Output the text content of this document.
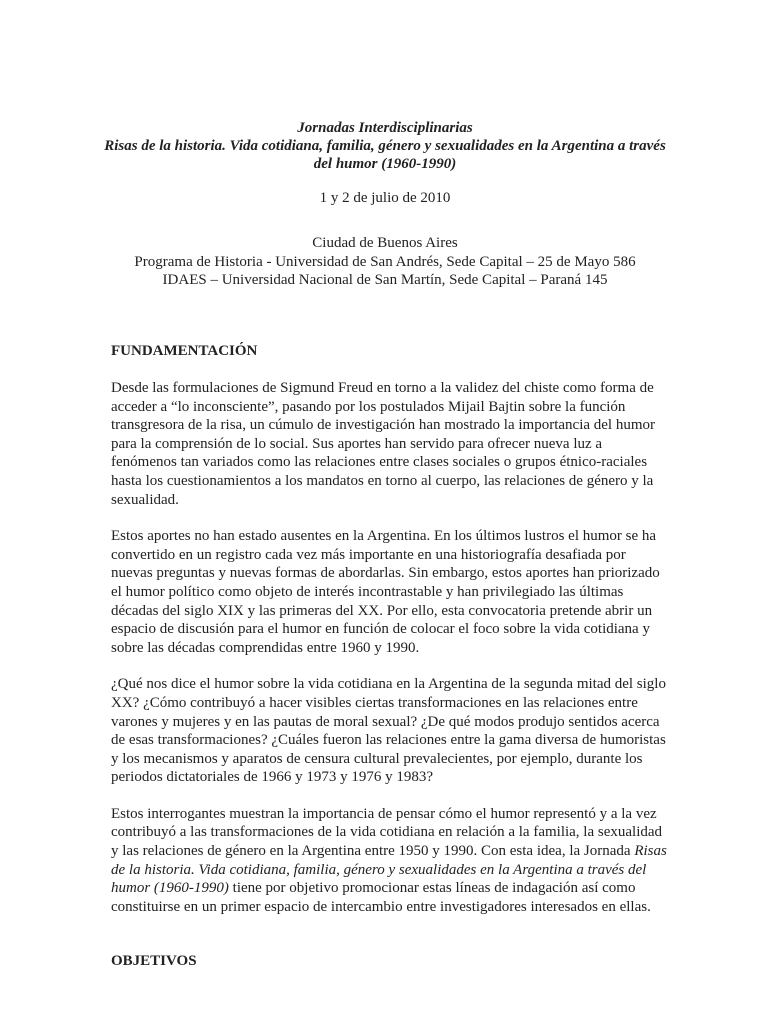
Jornadas Interdisciplinarias

Risas de la historia. Vida cotidiana, familia, género y sexualidades en la Argentina a través del humor (1960-1990)

1 y 2 de julio de 2010

Ciudad de Buenos Aires

Programa de Historia - Universidad de San Andrés, Sede Capital – 25 de Mayo 586

IDAES – Universidad Nacional de San Martín, Sede Capital – Paraná 145

FUNDAMENTACIÓN

Desde las formulaciones de Sigmund Freud en torno a la validez del chiste como forma de acceder a “lo inconsciente”, pasando por los postulados Mijail Bajtin sobre la función transgresora de la risa, un cúmulo de investigación han mostrado la importancia del humor para la comprensión de lo social. Sus aportes han servido para ofrecer nueva luz a fenómenos tan variados como las relaciones entre clases sociales o grupos étnico-raciales hasta los cuestionamientos a los mandatos en torno al cuerpo, las relaciones de género y la sexualidad.

Estos aportes no han estado ausentes en la Argentina. En los últimos lustros el humor se ha convertido en un registro cada vez más importante en una historiografía desafiada por nuevas preguntas y nuevas formas de abordarlas. Sin embargo, estos aportes han priorizado el humor político como objeto de interés incontrastable y han privilegiado las últimas décadas del siglo XIX y las primeras del XX. Por ello, esta convocatoria pretende abrir un espacio de discusión para el humor en función de colocar el foco sobre la vida cotidiana y sobre las décadas comprendidas entre 1960 y 1990.

¿Qué nos dice el humor sobre la vida cotidiana en la Argentina de la segunda mitad del siglo XX? ¿Cómo contribuyó a hacer visibles ciertas transformaciones en las relaciones entre varones y mujeres y en las pautas de moral sexual? ¿De qué modos produjo sentidos acerca de esas transformaciones? ¿Cuáles fueron las relaciones entre la gama diversa de humoristas y los mecanismos y aparatos de censura cultural prevalecientes, por ejemplo, durante los periodos dictatoriales de 1966 y 1973 y 1976 y 1983?

Estos interrogantes muestran la importancia de pensar cómo el humor representó y a la vez contribuyó a las transformaciones de la vida cotidiana en relación a la familia, la sexualidad y las relaciones de género en la Argentina entre 1950 y 1990. Con esta idea, la Jornada Risas de la historia. Vida cotidiana, familia, género y sexualidades en la Argentina a través del humor (1960-1990) tiene por objetivo promocionar estas líneas de indagación así como constituirse en un primer espacio de intercambio entre investigadores interesados en ellas.

OBJETIVOS
